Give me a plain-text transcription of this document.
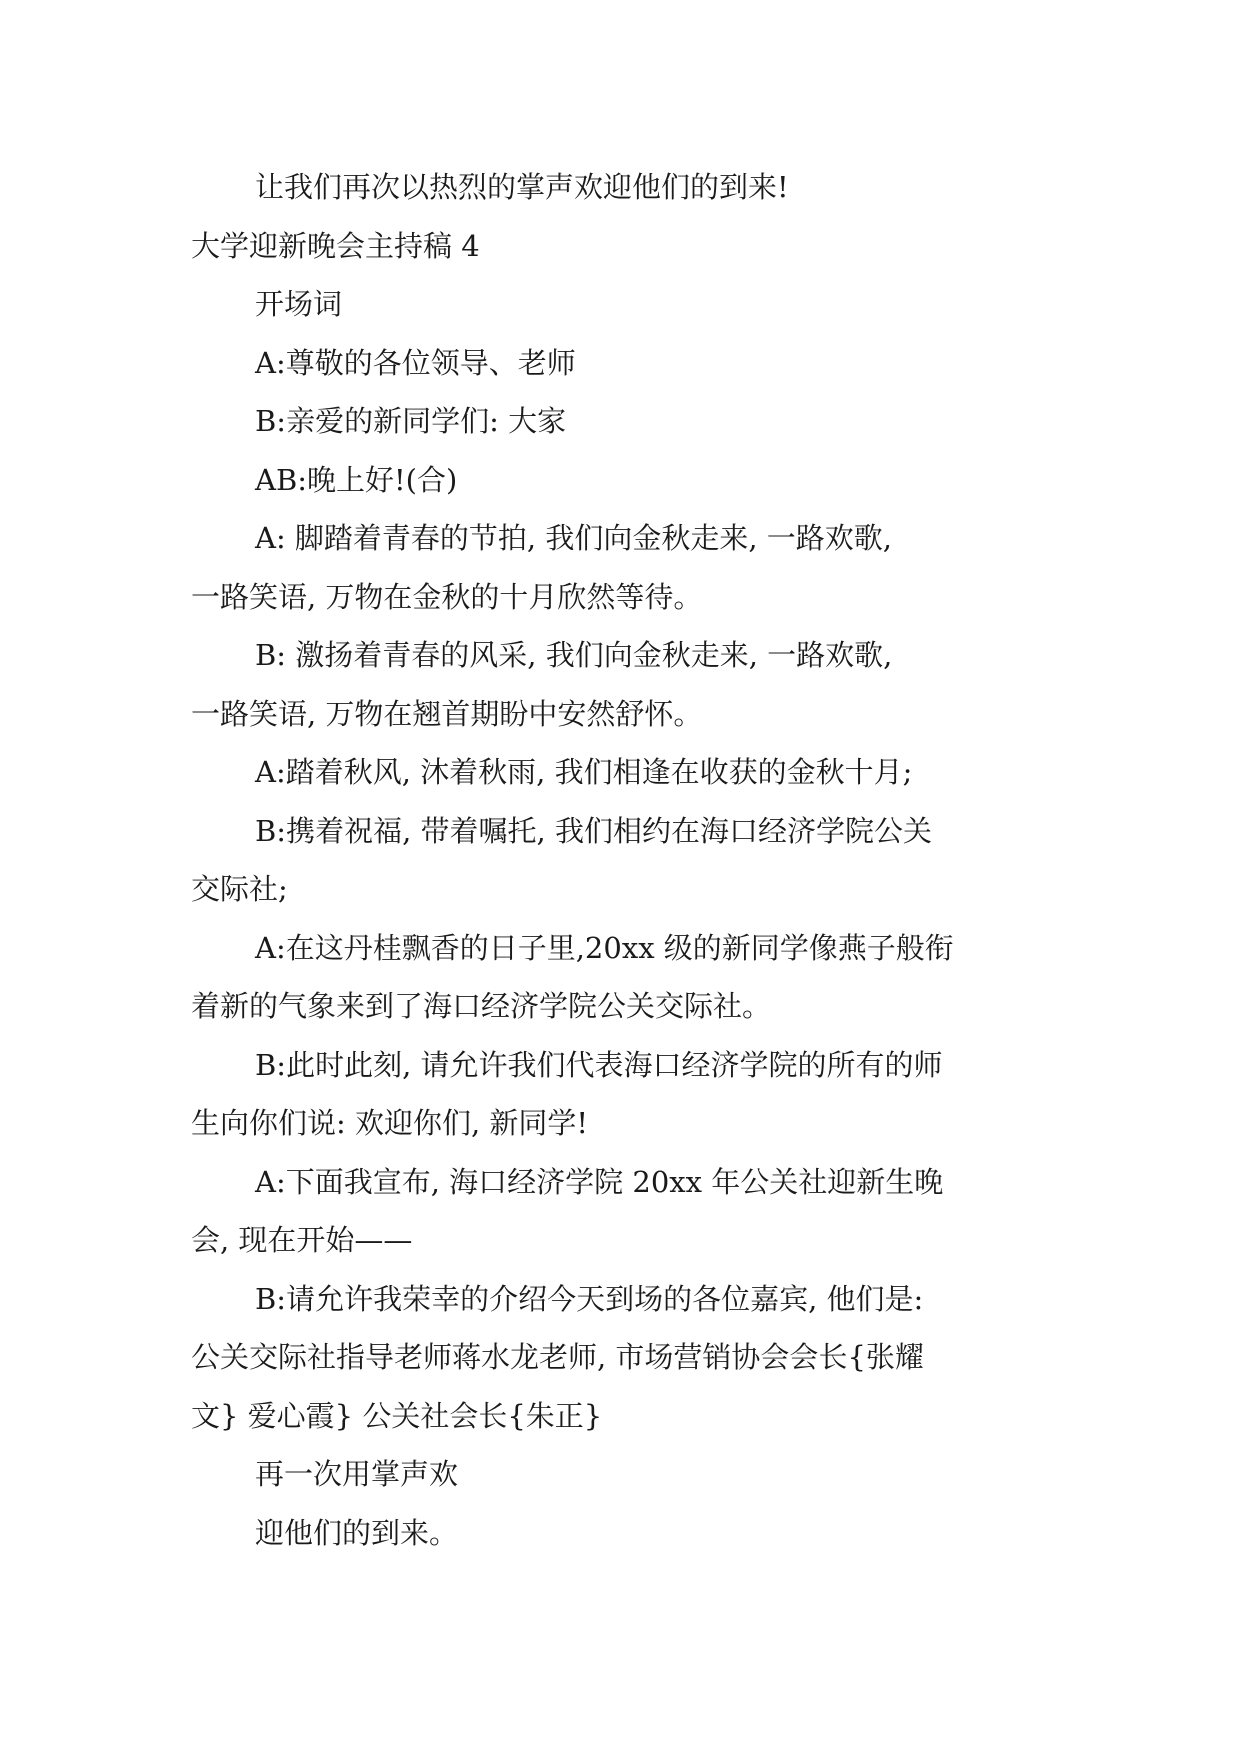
让我们再次以热烈的掌声欢迎他们的到来!

大学迎新晚会主持稿 4

开场词

A:尊敬的各位领导、老师

B:亲爱的新同学们: 大家

AB:晚上好!(合)

A: 脚踏着青春的节拍, 我们向金秋走来, 一路欢歌,

一路笑语, 万物在金秋的十月欣然等待。

B: 激扬着青春的风采, 我们向金秋走来, 一路欢歌,

一路笑语, 万物在翘首期盼中安然舒怀。

A:踏着秋风, 沐着秋雨, 我们相逢在收获的金秋十月;

B:携着祝福, 带着嘱托, 我们相约在海口经济学院公关

交际社;

A:在这丹桂飘香的日子里,20xx 级的新同学像燕子般衔

着新的气象来到了海口经济学院公关交际社。

B:此时此刻, 请允许我们代表海口经济学院的所有的师

生向你们说: 欢迎你们, 新同学!

A:下面我宣布, 海口经济学院 20xx 年公关社迎新生晚

会, 现在开始——

B:请允许我荣幸的介绍今天到场的各位嘉宾, 他们是:

公关交际社指导老师蒋水龙老师, 市场营销协会会长{张耀

文} 爱心霞} 公关社会长{朱正}

再一次用掌声欢

迎他们的到来。
